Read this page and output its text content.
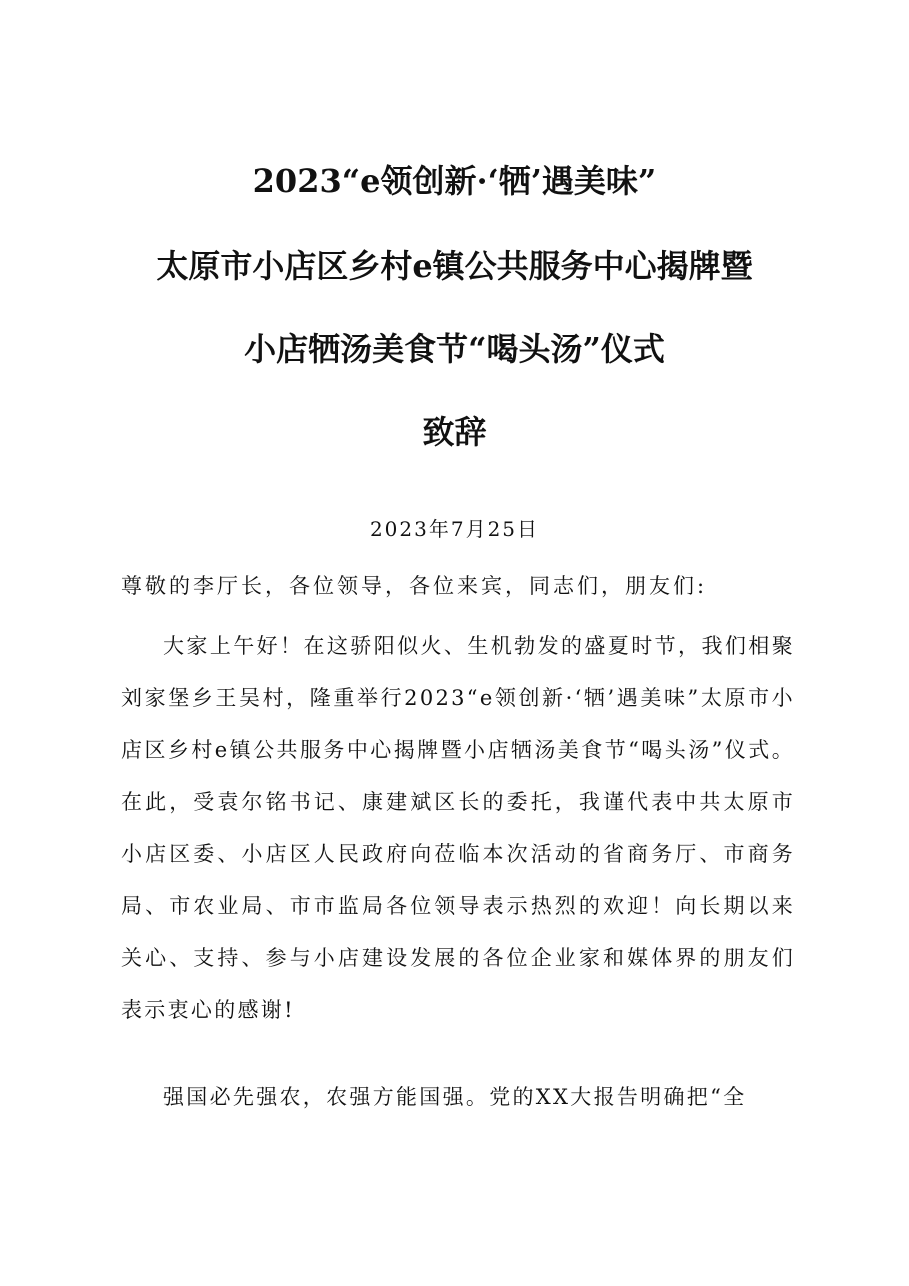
2023“e领创新·‘牺’遇美味”
太原市小店区乡村e镇公共服务中心揭牌暨
小店牺汤美食节“喝头汤”仪式
致辞
2023年7月25日
尊敬的李厅长，各位领导，各位来宾，同志们，朋友们:

大家上午好！在这骄阳似火、生机勃发的盛夏时节，我们相聚刘家堡乡王吴村，隆重举行2023“e领创新·‘牺’遇美味”太原市小店区乡村e镇公共服务中心揭牌暨小店牺汤美食节“喝头汤”仪式。在此，受袁尔铭书记、康建斌区长的委托，我谨代表中共太原市小店区委、小店区人民政府向莅临本次活动的省商务厅、市商务局、市农业局、市市监局各位领导表示热烈的欢迎！向长期以来关心、支持、参与小店建设发展的各位企业家和媒体界的朋友们表示衷心的感谢!

强国必先强农，农强方能国强。党的XX大报告明确把“全
